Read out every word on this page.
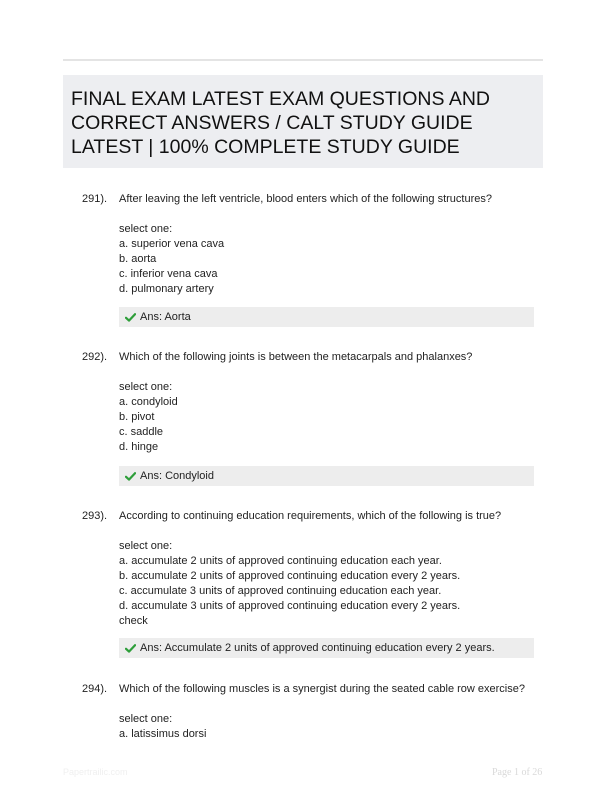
FINAL EXAM LATEST EXAM QUESTIONS AND CORRECT ANSWERS / CALT STUDY GUIDE LATEST | 100% COMPLETE STUDY GUIDE
291). After leaving the left ventricle, blood enters which of the following structures?
select one:
a. superior vena cava
b. aorta
c. inferior vena cava
d. pulmonary artery
Ans: Aorta
292). Which of the following joints is between the metacarpals and phalanxes?
select one:
a. condyloid
b. pivot
c. saddle
d. hinge
Ans: Condyloid
293). According to continuing education requirements, which of the following is true?
select one:
a. accumulate 2 units of approved continuing education each year.
b. accumulate 2 units of approved continuing education every 2 years.
c. accumulate 3 units of approved continuing education each year.
d. accumulate 3 units of approved continuing education every 2 years.
check
Ans: Accumulate 2 units of approved continuing education every 2 years.
294). Which of the following muscles is a synergist during the seated cable row exercise?
select one:
a. latissimus dorsi
Papertrailic.com	Page 1 of 26
